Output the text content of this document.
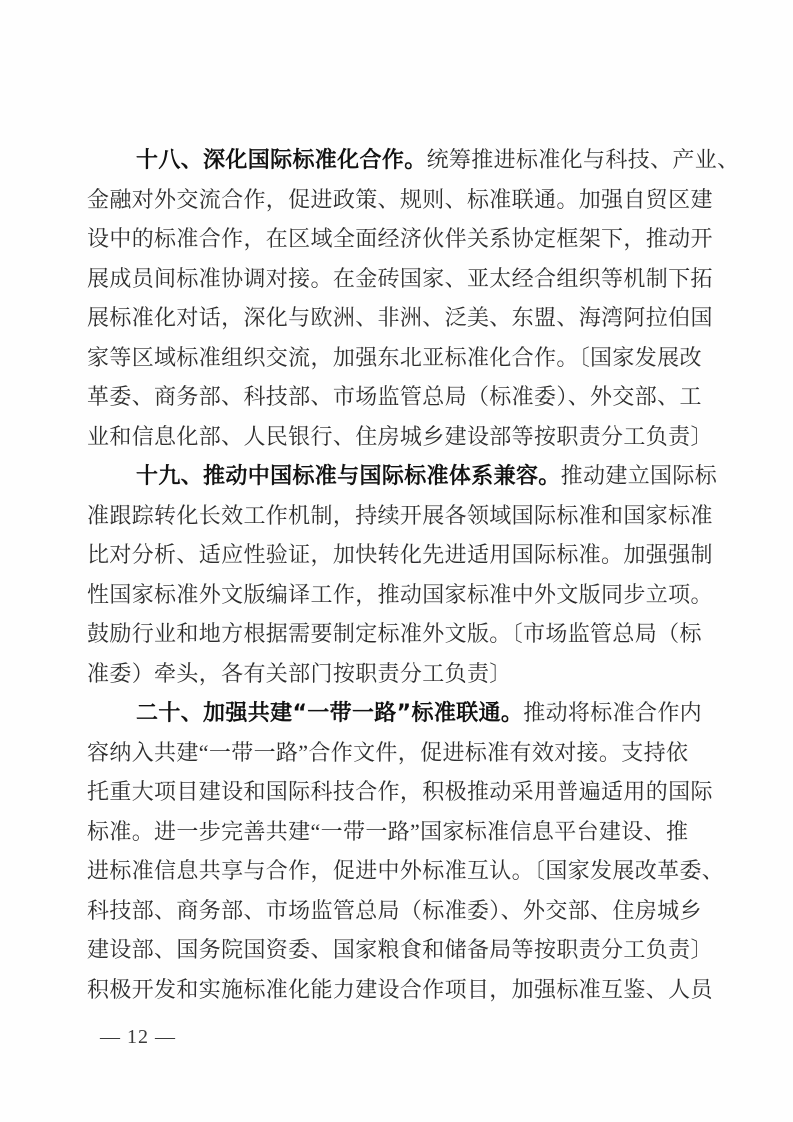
十八、深化国际标准化合作。统筹推进标准化与科技、产业、
金融对外交流合作，促进政策、规则、标准联通。加强自贸区建
设中的标准合作，在区域全面经济伙伴关系协定框架下，推动开
展成员间标准协调对接。在金砖国家、亚太经合组织等机制下拓
展标准化对话，深化与欧洲、非洲、泛美、东盟、海湾阿拉伯国
家等区域标准组织交流，加强东北亚标准化合作。〔国家发展改
革委、商务部、科技部、市场监管总局（标准委）、外交部、工
业和信息化部、人民银行、住房城乡建设部等按职责分工负责〕
十九、推动中国标准与国际标准体系兼容。推动建立国际标
准跟踪转化长效工作机制，持续开展各领域国际标准和国家标准
比对分析、适应性验证，加快转化先进适用国际标准。加强强制
性国家标准外文版编译工作，推动国家标准中外文版同步立项。
鼓励行业和地方根据需要制定标准外文版。〔市场监管总局（标
准委）牵头，各有关部门按职责分工负责〕
二十、加强共建“一带一路”标准联通。推动将标准合作内
容纳入共建“一带一路”合作文件，促进标准有效对接。支持依
托重大项目建设和国际科技合作，积极推动采用普遍适用的国际
标准。进一步完善共建“一带一路”国家标准信息平台建设、推
进标准信息共享与合作，促进中外标准互认。〔国家发展改革委、
科技部、商务部、市场监管总局（标准委）、外交部、住房城乡
建设部、国务院国资委、国家粮食和储备局等按职责分工负责〕
积极开发和实施标准化能力建设合作项目，加强标准互鉴、人员
— 12 —
